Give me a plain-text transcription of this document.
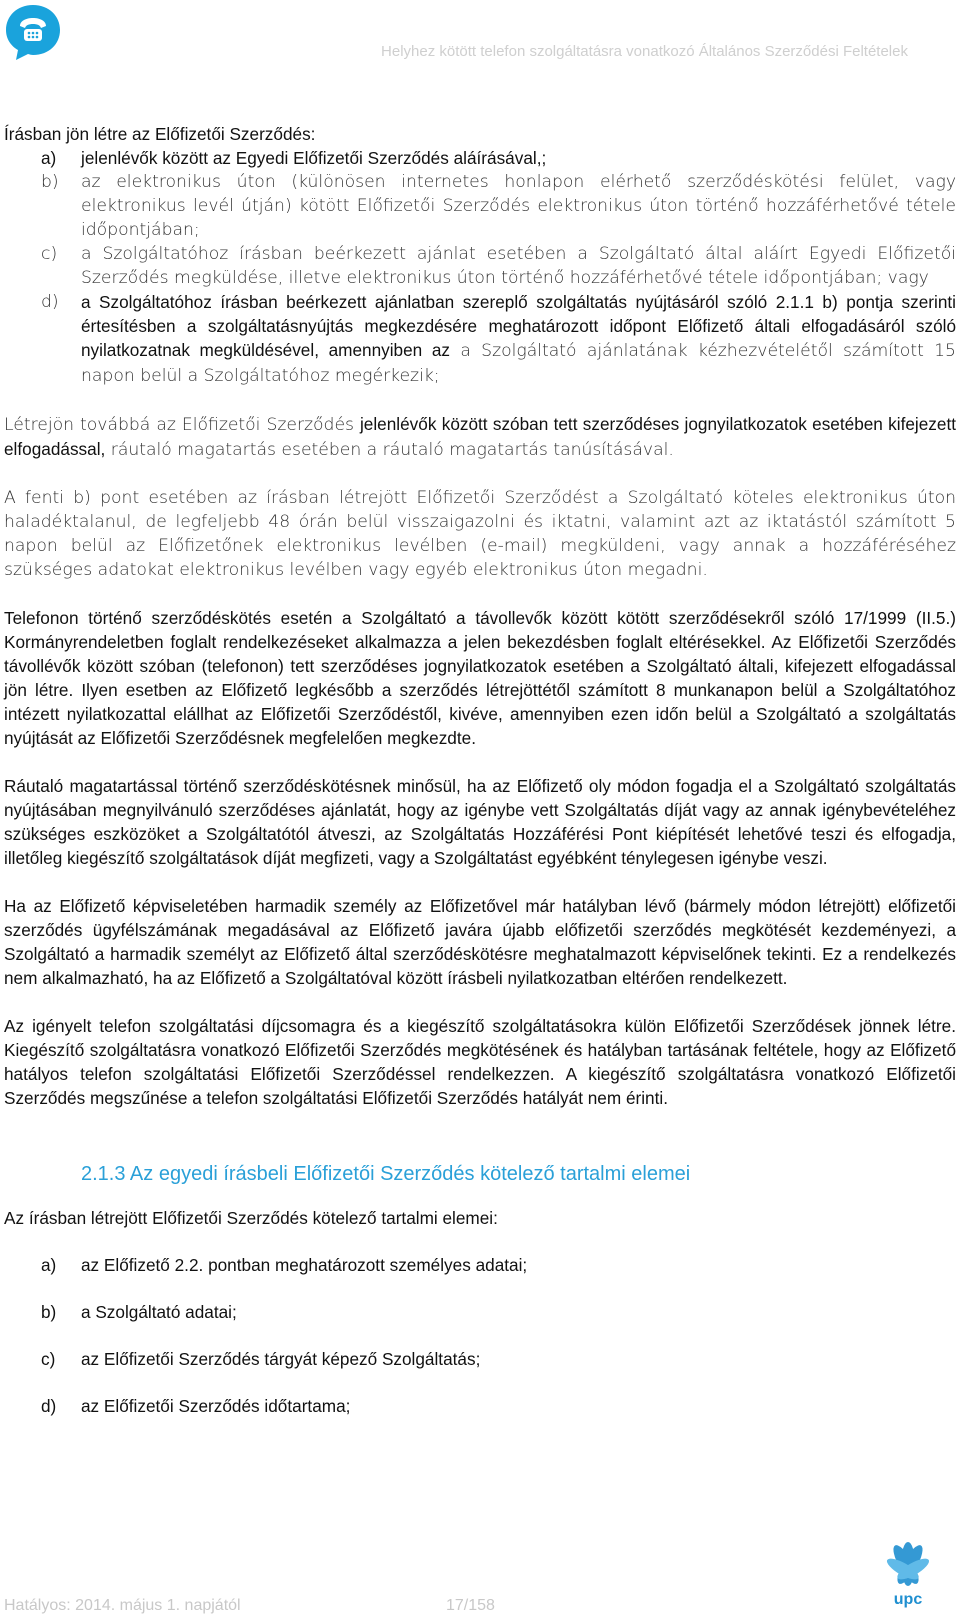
Helyhez kötött telefon szolgáltatásra vonatkozó Általános Szerződési Feltételek

Írásban jön létre az Előfizetői Szerződés:

a) jelenlévők között az Egyedi Előfizetői Szerződés aláírásával,;
b) az elektronikus úton (különösen internetes honlapon elérhető szerződéskötési felület, vagy elektronikus levél útján) kötött Előfizetői Szerződés elektronikus úton történő hozzáférhetővé tétele időpontjában;
c) a Szolgáltatóhoz írásban beérkezett ajánlat esetében a Szolgáltató által aláírt Egyedi Előfizetői Szerződés megküldése, illetve elektronikus úton történő hozzáférhetővé tétele időpontjában; vagy
d) a Szolgáltatóhoz írásban beérkezett ajánlatban szereplő szolgáltatás nyújtásáról szóló 2.1.1 b) pontja szerinti értesítésben a szolgáltatásnyújtás megkezdésére meghatározott időpont Előfizető általi elfogadásáról szóló nyilatkozatnak megküldésével, amennyiben az a Szolgáltató ajánlatának kézhezvételétől számított 15 napon belül a Szolgáltatóhoz megérkezik;

Létrejön továbbá az Előfizetői Szerződés jelenlévők között szóban tett szerződéses jognyilatkozatok esetében kifejezett elfogadással, ráutaló magatartás esetében a ráutaló magatartás tanúsításával.

A fenti b) pont esetében az írásban létrejött Előfizetői Szerződést a Szolgáltató köteles elektronikus úton haladéktalanul, de legfeljebb 48 órán belül visszaigazolni és iktatni, valamint azt az iktatástól számított 5 napon belül az Előfizetőnek elektronikus levélben (e-mail) megküldeni, vagy annak a hozzáféréséhez szükséges adatokat elektronikus levélben vagy egyéb elektronikus úton megadni.

Telefonon történő szerződéskötés esetén a Szolgáltató a távollevők között kötött szerződésekről szóló 17/1999 (II.5.) Kormányrendeletben foglalt rendelkezéseket alkalmazza a jelen bekezdésben foglalt eltérésekkel. Az Előfizetői Szerződés távollévők között szóban (telefonon) tett szerződéses jognyilatkozatok esetében a Szolgáltató általi, kifejezett elfogadással jön létre. Ilyen esetben az Előfizető legkésőbb a szerződés létrejöttétől számított 8 munkanapon belül a Szolgáltatóhoz intézett nyilatkozattal elállhat az Előfizetői Szerződéstől, kivéve, amennyiben ezen időn belül a Szolgáltató a szolgáltatás nyújtását az Előfizetői Szerződésnek megfelelően megkezdte.

Ráutaló magatartással történő szerződéskötésnek minősül, ha az Előfizető oly módon fogadja el a Szolgáltató szolgáltatás nyújtásában megnyilvánuló szerződéses ajánlatát, hogy az igénybe vett Szolgáltatás díját vagy az annak igénybevételéhez szükséges eszközöket a Szolgáltatótól átveszi, az Szolgáltatás Hozzáférési Pont kiépítését lehetővé teszi és elfogadja, illetőleg kiegészítő szolgáltatások díját megfizeti, vagy a Szolgáltatást egyébként ténylegesen igénybe veszi.

Ha az Előfizető képviseletében harmadik személy az Előfizetővel már hatályban lévő (bármely módon létrejött) előfizetői szerződés ügyfélszámának megadásával az Előfizető javára újabb előfizetői szerződés megkötését kezdeményezi, a Szolgáltató a harmadik személyt az Előfizető által szerződéskötésre meghatalmazott képviselőnek tekinti. Ez a rendelkezés nem alkalmazható, ha az Előfizető a Szolgáltatóval között írásbeli nyilatkozatban eltérően rendelkezett.

Az igényelt telefon szolgáltatási díjcsomagra és a kiegészítő szolgáltatásokra külön Előfizetői Szerződések jönnek létre. Kiegészítő szolgáltatásra vonatkozó Előfizetői Szerződés megkötésének és hatályban tartásának feltétele, hogy az Előfizető hatályos telefon szolgáltatási Előfizetői Szerződéssel rendelkezzen. A kiegészítő szolgáltatásra vonatkozó Előfizetői Szerződés megszűnése a telefon szolgáltatási Előfizetői Szerződés hatályát nem érinti.

2.1.3 Az egyedi írásbeli Előfizetői Szerződés kötelező tartalmi elemei

Az írásban létrejött Előfizetői Szerződés kötelező tartalmi elemei:

a) az Előfizető 2.2. pontban meghatározott személyes adatai;
b) a Szolgáltató adatai;
c) az Előfizetői Szerződés tárgyát képező Szolgáltatás;
d) az Előfizetői Szerződés időtartama;
Hatályos: 2014. május 1. napjától	17/158	upc
